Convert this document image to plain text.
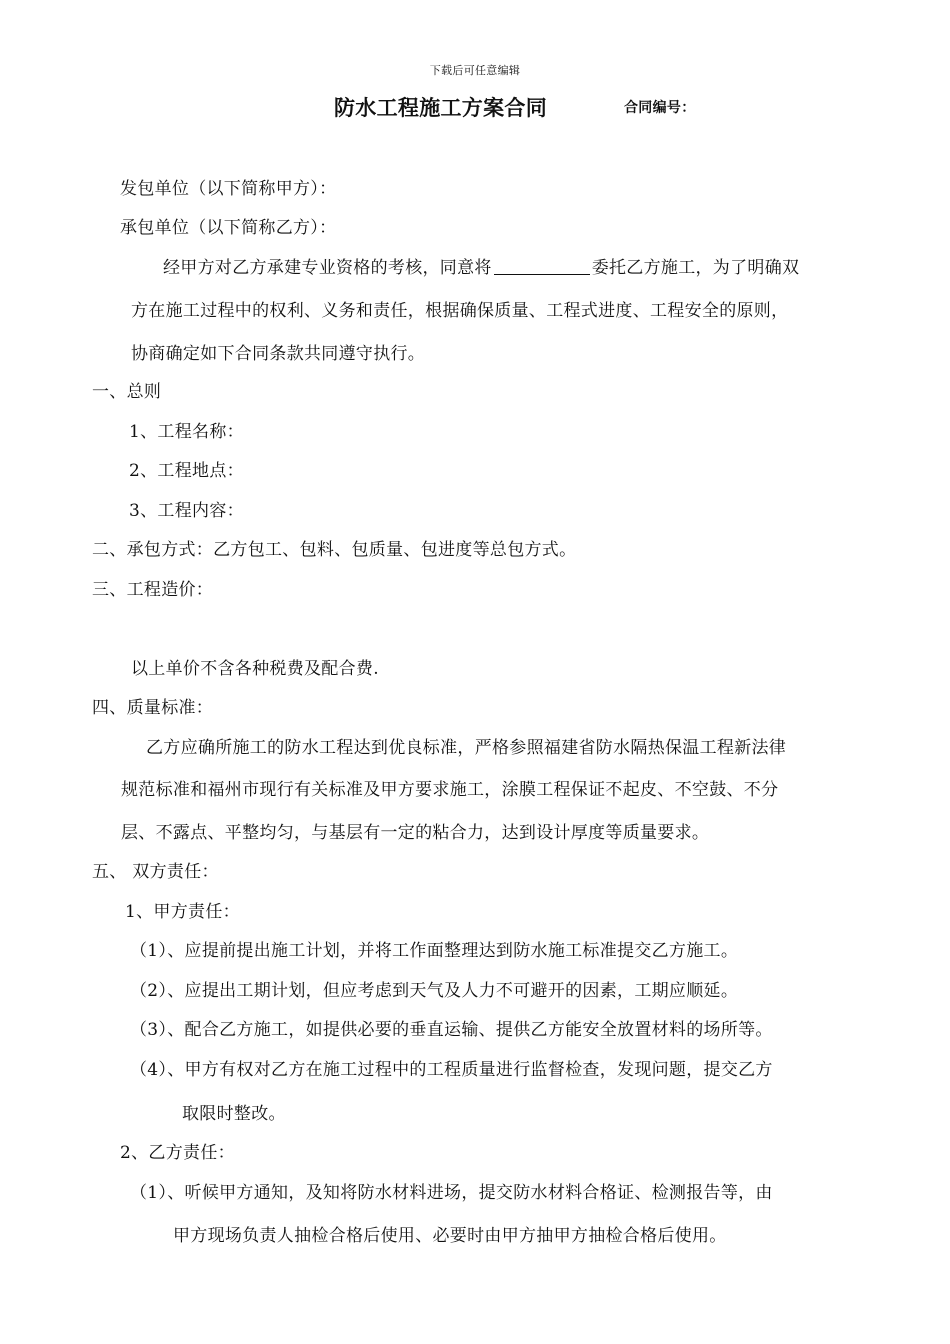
下载后可任意编辑
防水工程施工方案合同	合同编号：
发包单位（以下简称甲方）：
承包单位（以下简称乙方）：
经甲方对乙方承建专业资格的考核，同意将	委托乙方施工，为了明确双
方在施工过程中的权利、义务和责任，根据确保质量、工程式进度、工程安全的原则，
协商确定如下合同条款共同遵守执行。
一、总则
1、工程名称：
2、工程地点：
3、工程内容：
二、承包方式：乙方包工、包料、包质量、包进度等总包方式。
三、工程造价：
以上单价不含各种税费及配合费.
四、质量标准：
乙方应确所施工的防水工程达到优良标准，严格参照福建省防水隔热保温工程新法律
规范标准和福州市现行有关标准及甲方要求施工，涂膜工程保证不起皮、不空鼓、不分
层、不露点、平整均匀，与基层有一定的粘合力，达到设计厚度等质量要求。
五、 双方责任：
1、甲方责任：
（1）、应提前提出施工计划，并将工作面整理达到防水施工标准提交乙方施工。
（2）、应提出工期计划，但应考虑到天气及人力不可避开的因素，工期应顺延。
（3）、配合乙方施工，如提供必要的垂直运输、提供乙方能安全放置材料的场所等。
（4）、甲方有权对乙方在施工过程中的工程质量进行监督检查，发现问题，提交乙方
取限时整改。
2、乙方责任：
（1）、听候甲方通知，及知将防水材料进场，提交防水材料合格证、检测报告等，由
甲方现场负责人抽检合格后使用、必要时由甲方抽甲方抽检合格后使用。
